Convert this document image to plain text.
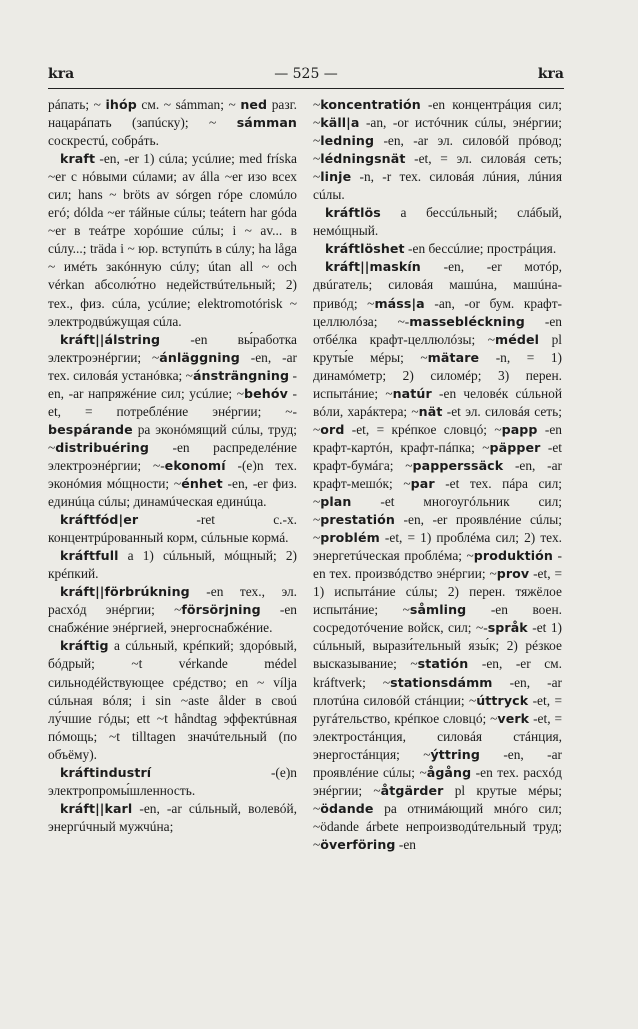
kra	— 525 —	kra

рáпать; ~ ihóp см. ~ sámman; ~ ned разг. нацарáпать (запúску); ~ sámman соскрестú, собрáть.

kraft -en, -er 1) сúла; усúлие; med fríska ~er с нóвыми сúлами; av álla ~er изо всех сил; hans ~ bröts av sórgen гóре сломúло егó; dólda ~er тáйные сúлы; teátern har góda ~er в теáтре хорóшие сúлы; i ~ av... в сúлу...; träda i ~ юр. вступúть в сúлу; ha låga ~ имéть закóнную сúлу; útan all ~ och vérkan абсолю́тно недействúтельный; 2) тех., физ. сúла, усúлие; elektromotórisk ~ электродвúжущая сúла.

kráft||álstring -en вы́работка электроэнéргии; ~ánläggning -en, -ar тех. силовáя устанóвка; ~ánsträngning -en, -ar напряжéние сил; усúлие; ~behóv -et, = потреблéние энéргии; ~-bespárande pa эконóмящий сúлы, труд; ~distribuéring -en распределéние электроэнéргии; ~-ekonomí -(e)n тех. эконóмия мóщности; ~énhet -en, -er физ. единúца сúлы; динамúческая единúца.

kráftfód|er -ret с.-х. концентрúрованный корм, сúльные кормá.

kráftfull a 1) сúльный, мóщный; 2) крéпкий.

kráft||förbrúkning -en тех., эл. расхóд энéргии; ~försörjning -en снабжéние энéргией, энергоснабжéние.

kráftig a сúльный, крéпкий; здорóвый, бóдрый; ~t vérkande médel сильнодéйствующее срéдство; en ~ vílja сúльная вóля; i sin ~aste ålder в своú лу́чшие гóды; ett ~t håndtag эффектúвная пóмощь; ~t tilltagen значúтельный (по объёму).

kráftindustrí -(e)n электропромы́шленность.

kráft||karl -en, -ar сúльный, волевóй, энергúчный мужчúна;

~koncentratión -en концентрáция сил; ~käll|a -an, -or истóчник сúлы, энéргии; ~ledning -en, -ar эл. силовóй прóвод; ~lédningsnät -et, = эл. силовáя сеть; ~linje -n, -r тех. силовáя лúния, лúния сúлы.

kráftlös a бессúльный; слáбый, немóщный.

kráftlöshet -en бессúлие; прострáция.

kráft||maskín -en, -er мотóр, двúгатель; силовáя машúна, машúна-привóд; ~máss|a -an, -or бум. крафт-целлюлóза; ~-massebléckning -en отбéлка крафт-целлюлóзы; ~médel pl круты́е мéры; ~mätare -n, = 1) динамóметр; 2) силомéр; 3) перен. испытáние; ~natúr -en человéк сúльной вóли, харáктера; ~nät -et эл. силовáя сеть; ~ord -et, = крéпкое словцó; ~papp -en крафт-картóн, крафт-пáпка; ~päpper -et крафт-бумáга; ~papperssäck -en, -ar крафт-мешóк; ~par -et тех. пáра сил; ~plan -et многоугóльник сил; ~prestatión -en, -er проявлéние сúлы; ~problém -et, = 1) проблéма сил; 2) тех. энергетúческая проблéма; ~produktión -en тех. произвóдство энéргии; ~prov -et, = 1) испытáние сúлы; 2) перен. тяжёлое испытáние; ~såmling -en воен. сосредотóчение войск, сил; ~-språk -et 1) сúльный, вырази́тельный язы́к; 2) рéзкое высказывание; ~statión -en, -er см. kráftverk; ~stationsdámm -en, -ar плотúна силовóй стáнции; ~úttryck -et, = ругáтельство, крéпкое словцó; ~verk -et, = электростáнция, силовáя стáнция, энергостáнция; ~ýttring -en, -ar проявлéние сúлы; ~ågång -en тех. расхóд энéргии; ~åtgärder pl крутые мéры; ~ödande pa отнимáющий мнóго сил; ~ödande árbete непроизводúтельный труд; ~överföring -en
